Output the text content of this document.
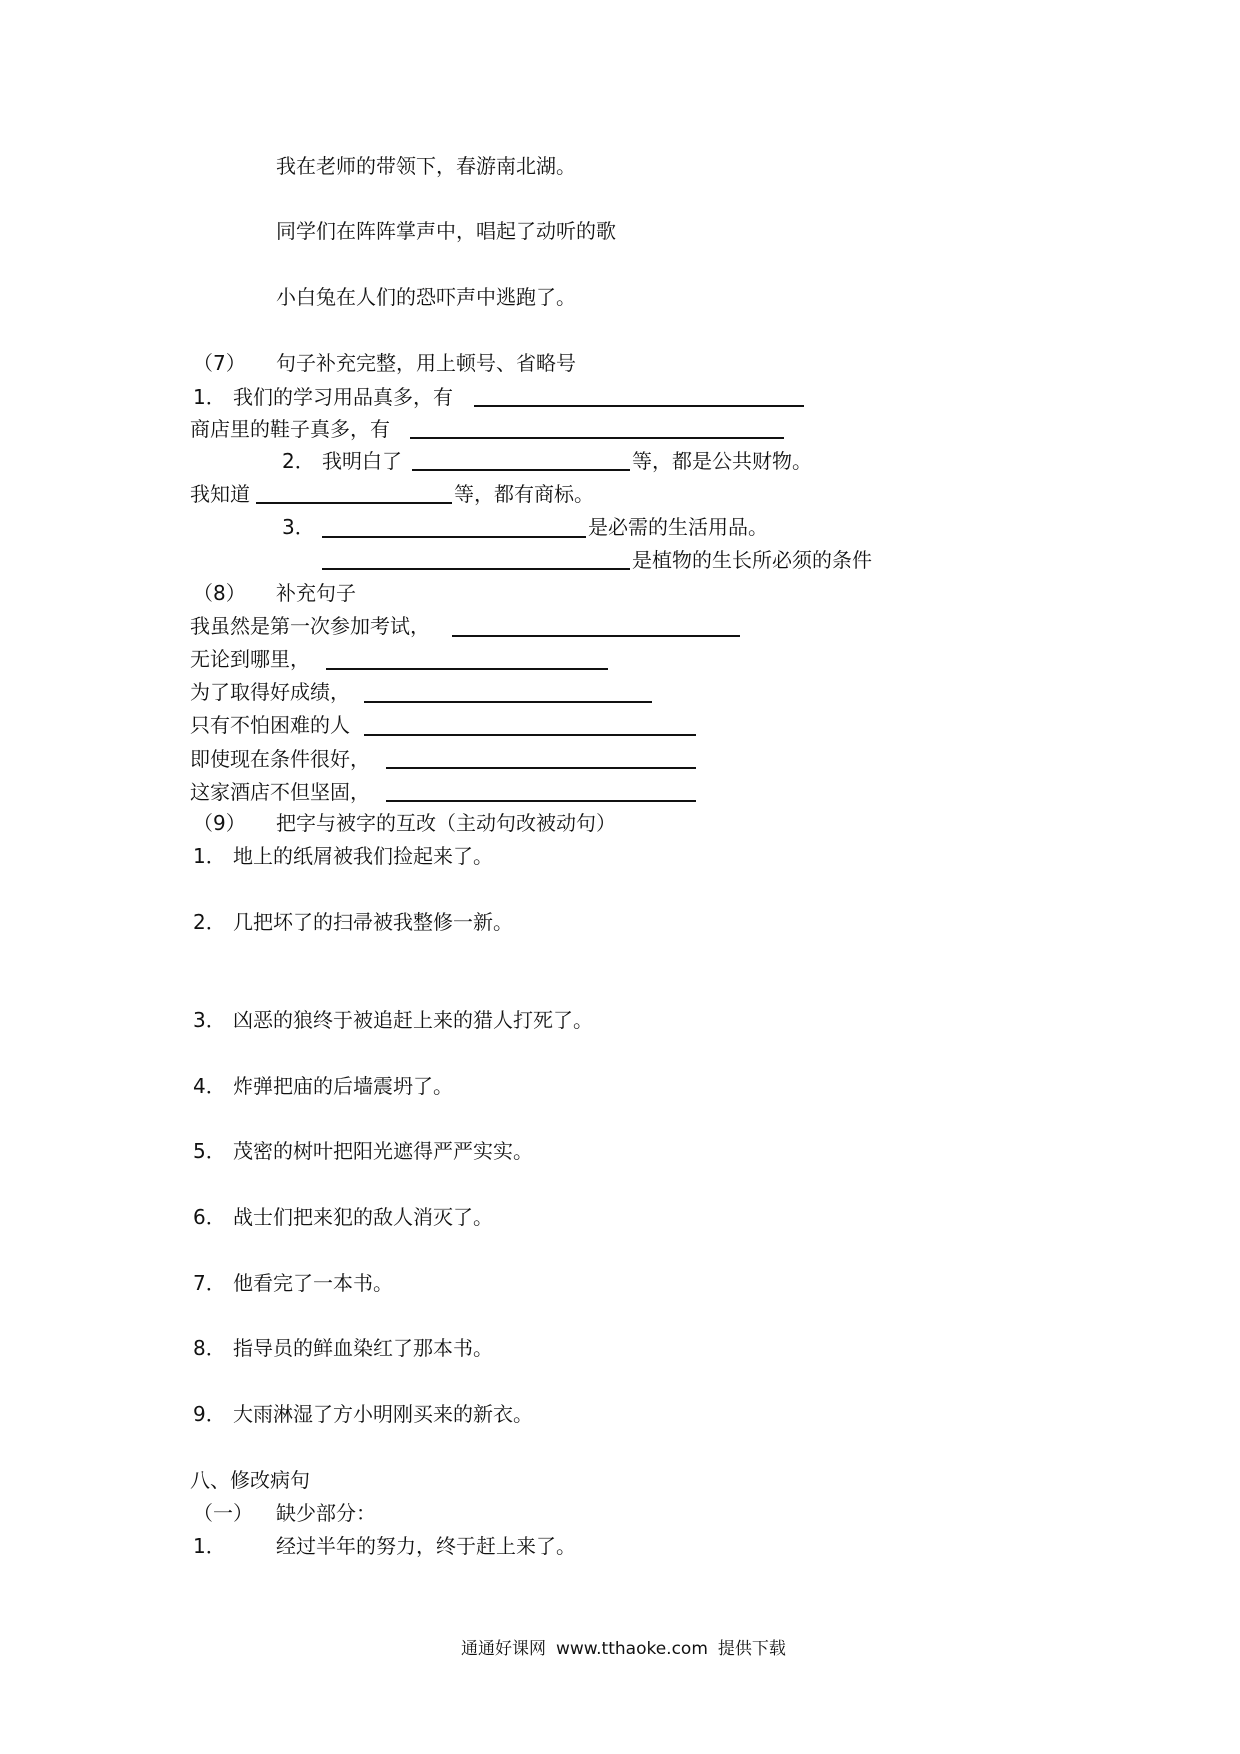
我在老师的带领下，春游南北湖。
同学们在阵阵掌声中，唱起了动听的歌
小白兔在人们的恐吓声中逃跑了。
（7） 句子补充完整，用上顿号、省略号
1． 我们的学习用品真多，有
商店里的鞋子真多，有
2． 我明白了	等，都是公共财物。
我知道	等，都有商标。
3．	是必需的生活用品。
是植物的生长所必须的条件
（8） 补充句子
我虽然是第一次参加考试，
无论到哪里，
为了取得好成绩，
只有不怕困难的人
即使现在条件很好，
这家酒店不但坚固，
（9） 把字与被字的互改（主动句改被动句）
1． 地上的纸屑被我们捡起来了。
2． 几把坏了的扫帚被我整修一新。
3． 凶恶的狼终于被追赶上来的猎人打死了。
4． 炸弹把庙的后墙震坍了。
5． 茂密的树叶把阳光遮得严严实实。
6． 战士们把来犯的敌人消灭了。
7． 他看完了一本书。
8． 指导员的鲜血染红了那本书。
9． 大雨淋湿了方小明刚买来的新衣。
八、修改病句
（一） 缺少部分：
1．	经过半年的努力，终于赶上来了。
通通好课网 www.tthaoke.com 提供下载
